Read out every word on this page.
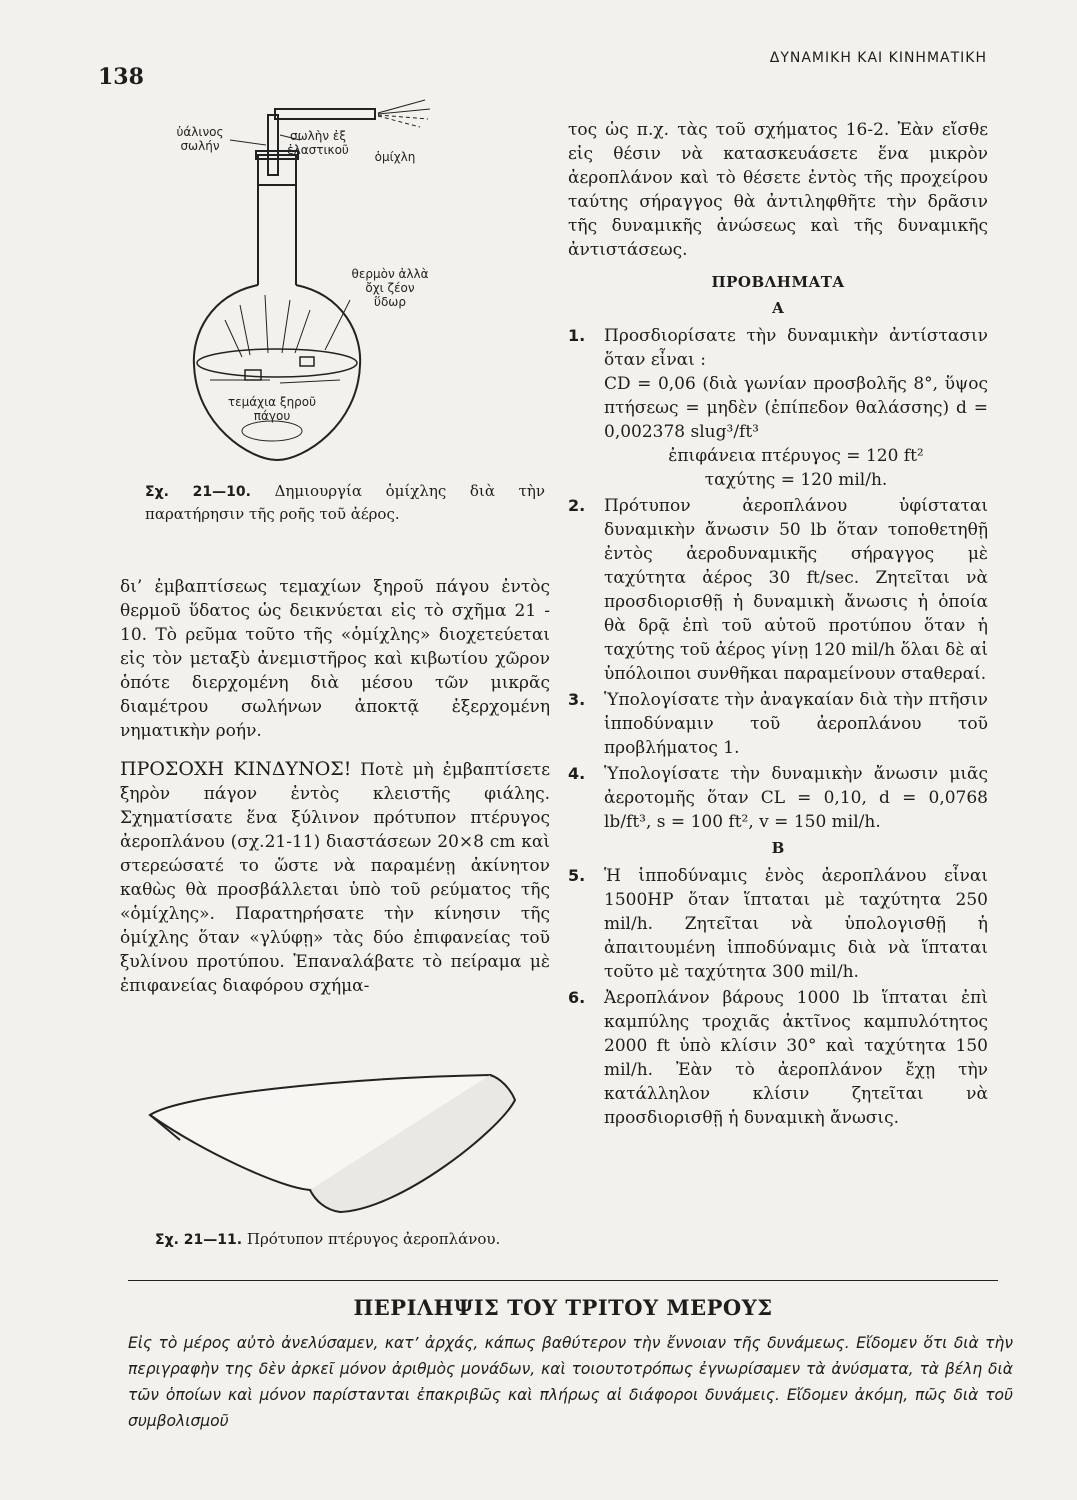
138
ΔΥΝΑΜΙΚΗ ΚΑΙ ΚΙΝΗΜΑΤΙΚΗ
ὑάλινος σωλήν
σωλὴν ἐξ ἐλαστικοῦ	ὁμίχλη
θερμὸν ἀλλὰ ὄχι ζέον ὕδωρ
τεμάχια ξηροῦ πάγου
Σχ. 21—10. Δημιουργία ὁμίχλης διὰ τὴν παρατήρησιν τῆς ροῆς τοῦ ἀέρος.

δι’ ἐμβαπτίσεως τεμαχίων ξηροῦ πάγου ἐντὸς θερμοῦ ὕδατος ὡς δεικνύεται εἰς τὸ σχῆμα 21 - 10. Τὸ ρεῦμα τοῦτο τῆς «ὁμίχλης» διοχετεύεται εἰς τὸν μεταξὺ ἀνεμιστῆρος καὶ κιβωτίου χῶρον ὁπότε διερχομένη διὰ μέσου τῶν μικρᾶς διαμέτρου σωλήνων ἀποκτᾷ ἐξερχομένη νηματικὴν ροήν.

ΠΡΟΣΟΧΗ ΚΙΝΔΥΝΟΣ! Ποτὲ μὴ ἐμβαπτίσετε ξηρὸν πάγον ἐντὸς κλειστῆς φιάλης. Σχηματίσατε ἕνα ξύλινον πρότυπον πτέρυγος ἀεροπλάνου (σχ.21-11) διαστάσεων 20×8 cm καὶ στερεώσατέ το ὥστε νὰ παραμένῃ ἀκίνητον καθὼς θὰ προσβάλλεται ὑπὸ τοῦ ρεύματος τῆς «ὁμίχλης». Παρατηρήσατε τὴν κίνησιν τῆς ὁμίχλης ὅταν «γλύφῃ» τὰς δύο ἐπιφανείας τοῦ ξυλίνου προτύπου. Ἐπαναλάβατε τὸ πείραμα μὲ ἐπιφανείας διαφόρου σχήμα-

Σχ. 21—11. Πρότυπον πτέρυγος ἀεροπλάνου.

τος ὡς π.χ. τὰς τοῦ σχήματος 16-2. Ἐὰν εἴσθε εἰς θέσιν νὰ κατασκευάσετε ἕνα μικρὸν ἀεροπλάνον καὶ τὸ θέσετε ἐντὸς τῆς προχείρου ταύτης σήραγγος θὰ ἀντιληφθῆτε τὴν δρᾶσιν τῆς δυναμικῆς ἀνώσεως καὶ τῆς δυναμικῆς ἀντιστάσεως.

ΠΡΟΒΛΗΜΑΤΑ
Α
1.	Προσδιορίσατε τὴν δυναμικὴν ἀντίστασιν ὅταν εἶναι :
CD = 0,06 (διὰ γωνίαν προσβολῆς 8°, ὕψος πτήσεως = μηδὲν (ἐπίπεδον θαλάσσης) d = 0,002378 slug³/ft³
ἐπιφάνεια πτέρυγος = 120 ft²
ταχύτης = 120 mil/h.
2.	Πρότυπον ἀεροπλάνου ὑφίσταται δυναμικὴν ἄνωσιν 50 lb ὅταν τοποθετηθῇ ἐντὸς ἀεροδυναμικῆς σήραγγος μὲ ταχύτητα ἀέρος 30 ft/sec. Ζητεῖται νὰ προσδιορισθῇ ἡ δυναμικὴ ἄνωσις ἡ ὁποία θὰ δρᾷ ἐπὶ τοῦ αὐτοῦ προτύπου ὅταν ἡ ταχύτης τοῦ ἀέρος γίνῃ 120 mil/h ὅλαι δὲ αἱ ὑπόλοιποι συνθῆκαι παραμείνουν σταθεραί.
3.	Ὑπολογίσατε τὴν ἀναγκαίαν διὰ τὴν πτῆσιν ἱπποδύναμιν τοῦ ἀεροπλάνου τοῦ προβλήματος 1.
4.	Ὑπολογίσατε τὴν δυναμικὴν ἄνωσιν μιᾶς ἀεροτομῆς ὅταν CL = 0,10, d = 0,0768 lb/ft³, s = 100 ft², v = 150 mil/h.
Β
5.	Ἡ ἱπποδύναμις ἑνὸς ἀεροπλάνου εἶναι 1500HP ὅταν ἵπταται μὲ ταχύτητα 250 mil/h. Ζητεῖται νὰ ὑπολογισθῇ ἡ ἀπαιτουμένη ἱπποδύναμις διὰ νὰ ἵπταται τοῦτο μὲ ταχύτητα 300 mil/h.
6.	Ἀεροπλάνον βάρους 1000 lb ἵπταται ἐπὶ καμπύλης τροχιᾶς ἀκτῖνος καμπυλότητος 2000 ft ὑπὸ κλίσιν 30° καὶ ταχύτητα 150 mil/h. Ἐὰν τὸ ἀεροπλάνον ἔχῃ τὴν κατάλληλον κλίσιν ζητεῖται νὰ προσδιορισθῇ ἡ δυναμικὴ ἄνωσις.
ΠΕΡΙΛΗΨΙΣ ΤΟΥ ΤΡΙΤΟΥ ΜΕΡΟΥΣ
Εἰς τὸ μέρος αὐτὸ ἀνελύσαμεν, κατ’ ἀρχάς, κάπως βαθύτερον τὴν ἔννοιαν τῆς δυνάμεως. Εἴδομεν ὅτι διὰ τὴν περιγραφὴν της δὲν ἀρκεῖ μόνον ἀριθμὸς μονάδων, καὶ τοιουτοτρόπως ἐγνωρίσαμεν τὰ ἀνύσματα, τὰ βέλη διὰ τῶν ὁποίων καὶ μόνον παρίστανται ἐπακριβῶς καὶ πλήρως αἱ διάφοροι δυνάμεις. Εἴδομεν ἀκόμη, πῶς διὰ τοῦ συμβολισμοῦ
